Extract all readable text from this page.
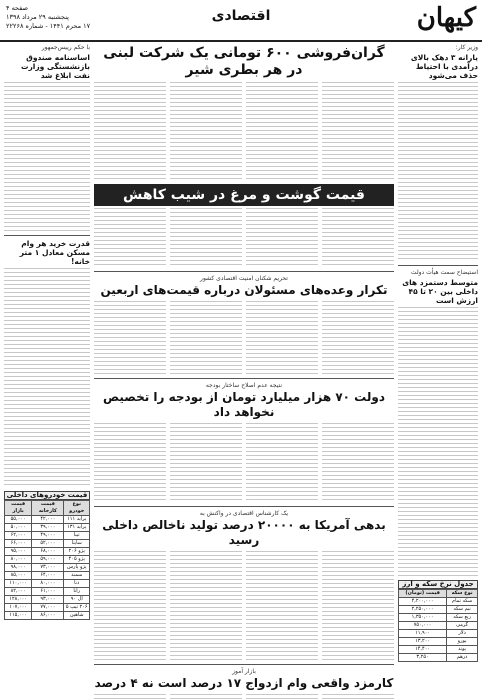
کیهان
اقتصادی
صفحه ۴
پنجشنبه ۲۹ مرداد ۱۳۹۸
۱۷ محرم ۱۴۴۱ - شماره ۲۲۲۶۸
وزیر کار:
یارانه ۳ دهک بالای درآمدی با احتیاط حذف می‌شود
استیضاح سمت هیأت دولت
متوسط دستمزد های داخلی بین ۲۰ تا ۴۵ ارزش است
جدول نرخ سکه و ارز
نوع سکه	قیمت (تومان)
سکه تمام	۴,۲۰۰,۰۰۰
نیم سکه	۲,۲۵۰,۰۰۰
ربع سکه	۱,۳۵۰,۰۰۰
گرمی	۷۵۰,۰۰۰
دلار	۱۱,۹۰۰
یورو	۱۳,۲۰۰
پوند	۱۴,۴۰۰
درهم	۳,۲۵۰
با حکم رییس‌جمهور
اساسنامه صندوق بازنشستگی وزارت نفت ابلاغ شد
قدرت خرید هر وام مسکن معادل ۱ متر خانه!
قیمت خودروهای داخلی
نوع خودرو	قیمت کارخانه	قیمت بازار
پراید ۱۱۱	۴۲,۰۰۰	۵۵,۰۰۰
پراید ۱۳۱	۳۹,۰۰۰	۵۰,۰۰۰
تیبا	۴۹,۰۰۰	۶۲,۰۰۰
ساینا	۵۲,۰۰۰	۶۶,۰۰۰
پژو ۲۰۶	۶۸,۰۰۰	۹۵,۰۰۰
پژو ۴۰۵	۵۹,۰۰۰	۸۰,۰۰۰
پژو پارس	۷۳,۰۰۰	۹۸,۰۰۰
سمند	۶۴,۰۰۰	۸۵,۰۰۰
دنا	۸۰,۰۰۰	۱۱۰,۰۰۰
رانا	۶۱,۰۰۰	۸۲,۰۰۰
ال ۹۰	۹۳,۰۰۰	۱۲۸,۰۰۰
۲۰۶ تیپ ۵	۷۷,۰۰۰	۱۰۷,۰۰۰
شاهین	۸۶,۰۰۰	۱۱۵,۰۰۰
گران‌فروشی ۶۰۰ تومانی یک شرکت لبنی در هر بطری شیر
قیمت گوشت و مرغ در شیب کاهش
تحریم شکنان امنیت اقتصادی کشور
تکرار وعده‌های مسئولان درباره قیمت‌های اربعین
نتیجه عدم اصلاح ساختار بودجه
دولت ۷۰ هزار میلیارد تومان از بودجه را تخصیص نخواهد داد
یک کارشناس اقتصادی در واکنش به
بدهی آمریکا به ۲۰۰۰۰ درصد تولید ناخالص داخلی رسید
بازار آموز
کارمزد واقعی وام ازدواج ۱۷ درصد است نه ۴ درصد
